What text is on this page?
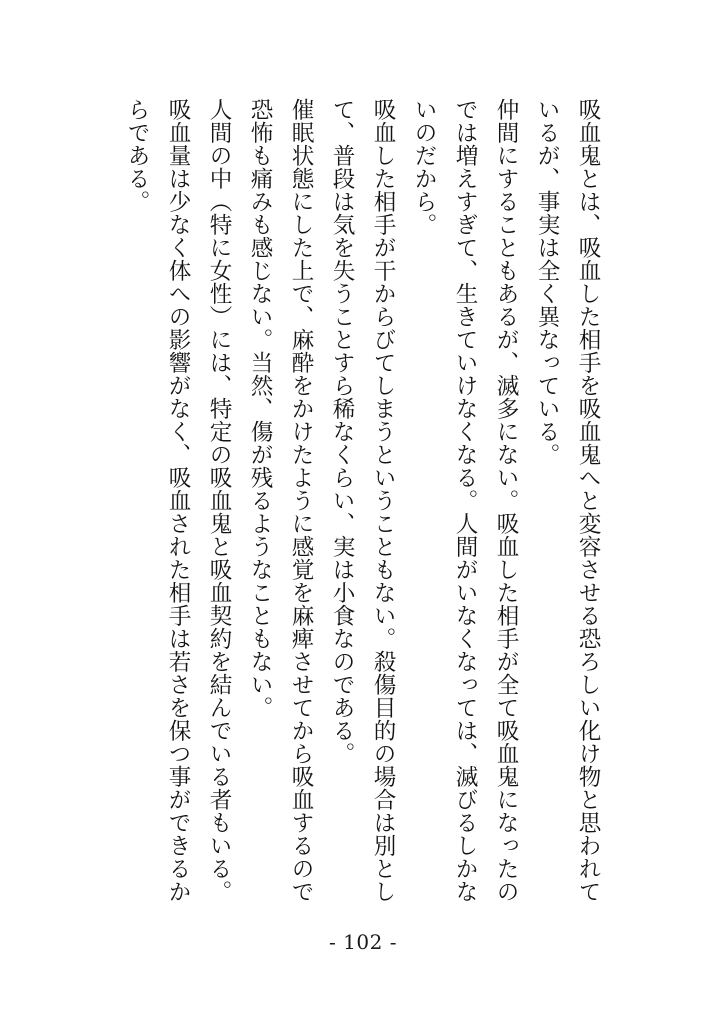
吸血鬼とは、吸血した相手を吸血鬼へと変容させる恐ろしい化け物と思われているが、事実は全く異なっている。

仲間にすることもあるが、滅多にない。吸血した相手が全て吸血鬼になったのでは増えすぎて、生きていけなくなる。人間がいなくなっては、滅びるしかないのだから。

吸血した相手が干からびてしまうということもない。殺傷目的の場合は別として、普段は気を失うことすら稀なくらい、実は小食なのである。

催眠状態にした上で、麻酔をかけたように感覚を麻痺させてから吸血するので恐怖も痛みも感じない。当然、傷が残るようなこともない。

人間の中（特に女性）には、特定の吸血鬼と吸血契約を結んでいる者もいる。

吸血量は少なく体への影響がなく、吸血された相手は若さを保つ事ができるからである。

- 102 -
